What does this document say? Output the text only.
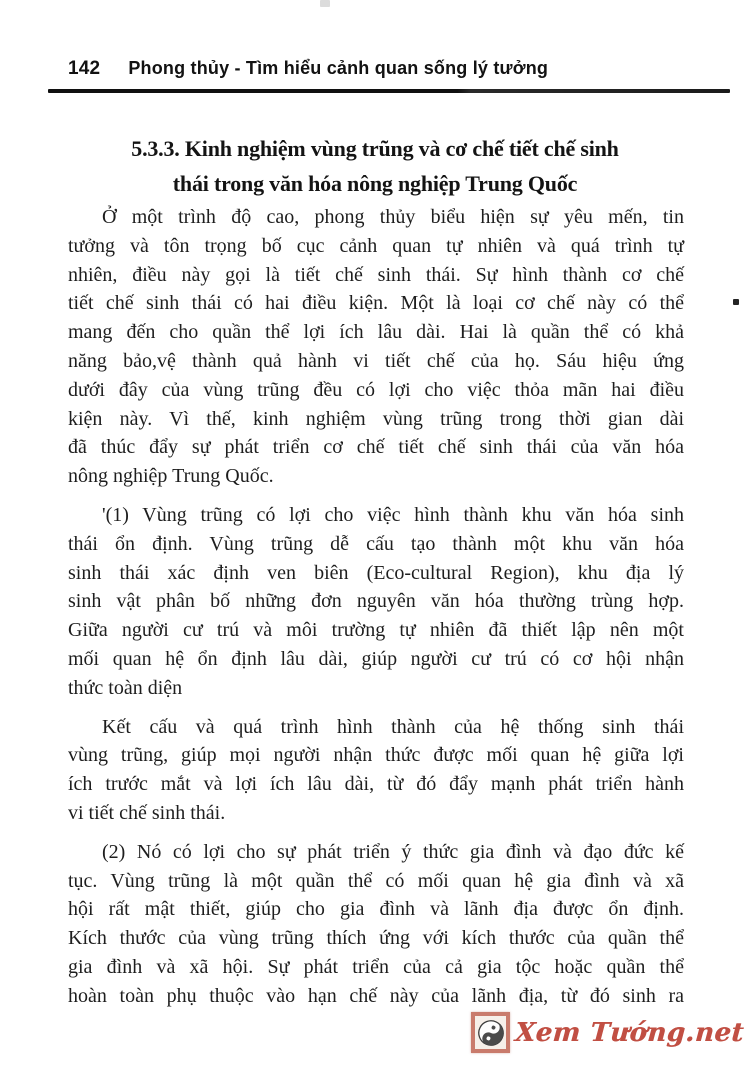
142 Phong thủy - Tìm hiểu cảnh quan sống lý tưởng
5.3.3. Kinh nghiệm vùng trũng và cơ chế tiết chế sinh
thái trong văn hóa nông nghiệp Trung Quốc
Ở một trình độ cao, phong thủy biểu hiện sự yêu mến, tin
tưởng và tôn trọng bố cục cảnh quan tự nhiên và quá trình tự
nhiên, điều này gọi là tiết chế sinh thái. Sự hình thành cơ chế
tiết chế sinh thái có hai điều kiện. Một là loại cơ chế này có thể
mang đến cho quần thể lợi ích lâu dài. Hai là quần thể có khả
năng bảo,vệ thành quả hành vi tiết chế của họ. Sáu hiệu ứng
dưới đây của vùng trũng đều có lợi cho việc thỏa mãn hai điều
kiện này. Vì thế, kinh nghiệm vùng trũng trong thời gian dài
đã thúc đẩy sự phát triển cơ chế tiết chế sinh thái của văn hóa
nông nghiệp Trung Quốc.
'(1) Vùng trũng có lợi cho việc hình thành khu văn hóa sinh
thái ổn định. Vùng trũng dễ cấu tạo thành một khu văn hóa
sinh thái xác định ven biên (Eco-cultural Region), khu địa lý
sinh vật phân bố những đơn nguyên văn hóa thường trùng hợp.
Giữa người cư trú và môi trường tự nhiên đã thiết lập nên một
mối quan hệ ổn định lâu dài, giúp người cư trú có cơ hội nhận
thức toàn diện
Kết cấu và quá trình hình thành của hệ thống sinh thái
vùng trũng, giúp mọi người nhận thức được mối quan hệ giữa lợi
ích trước mắt và lợi ích lâu dài, từ đó đẩy mạnh phát triển hành
vi tiết chế sinh thái.
(2) Nó có lợi cho sự phát triển ý thức gia đình và đạo đức kế
tục. Vùng trũng là một quần thể có mối quan hệ gia đình và xã
hội rất mật thiết, giúp cho gia đình và lãnh địa được ổn định.
Kích thước của vùng trũng thích ứng với kích thước của quần thể
gia đình và xã hội. Sự phát triển của cả gia tộc hoặc quần thể
hoàn toàn phụ thuộc vào hạn chế này của lãnh địa, từ đó sinh ra
Xem Tướng.net
